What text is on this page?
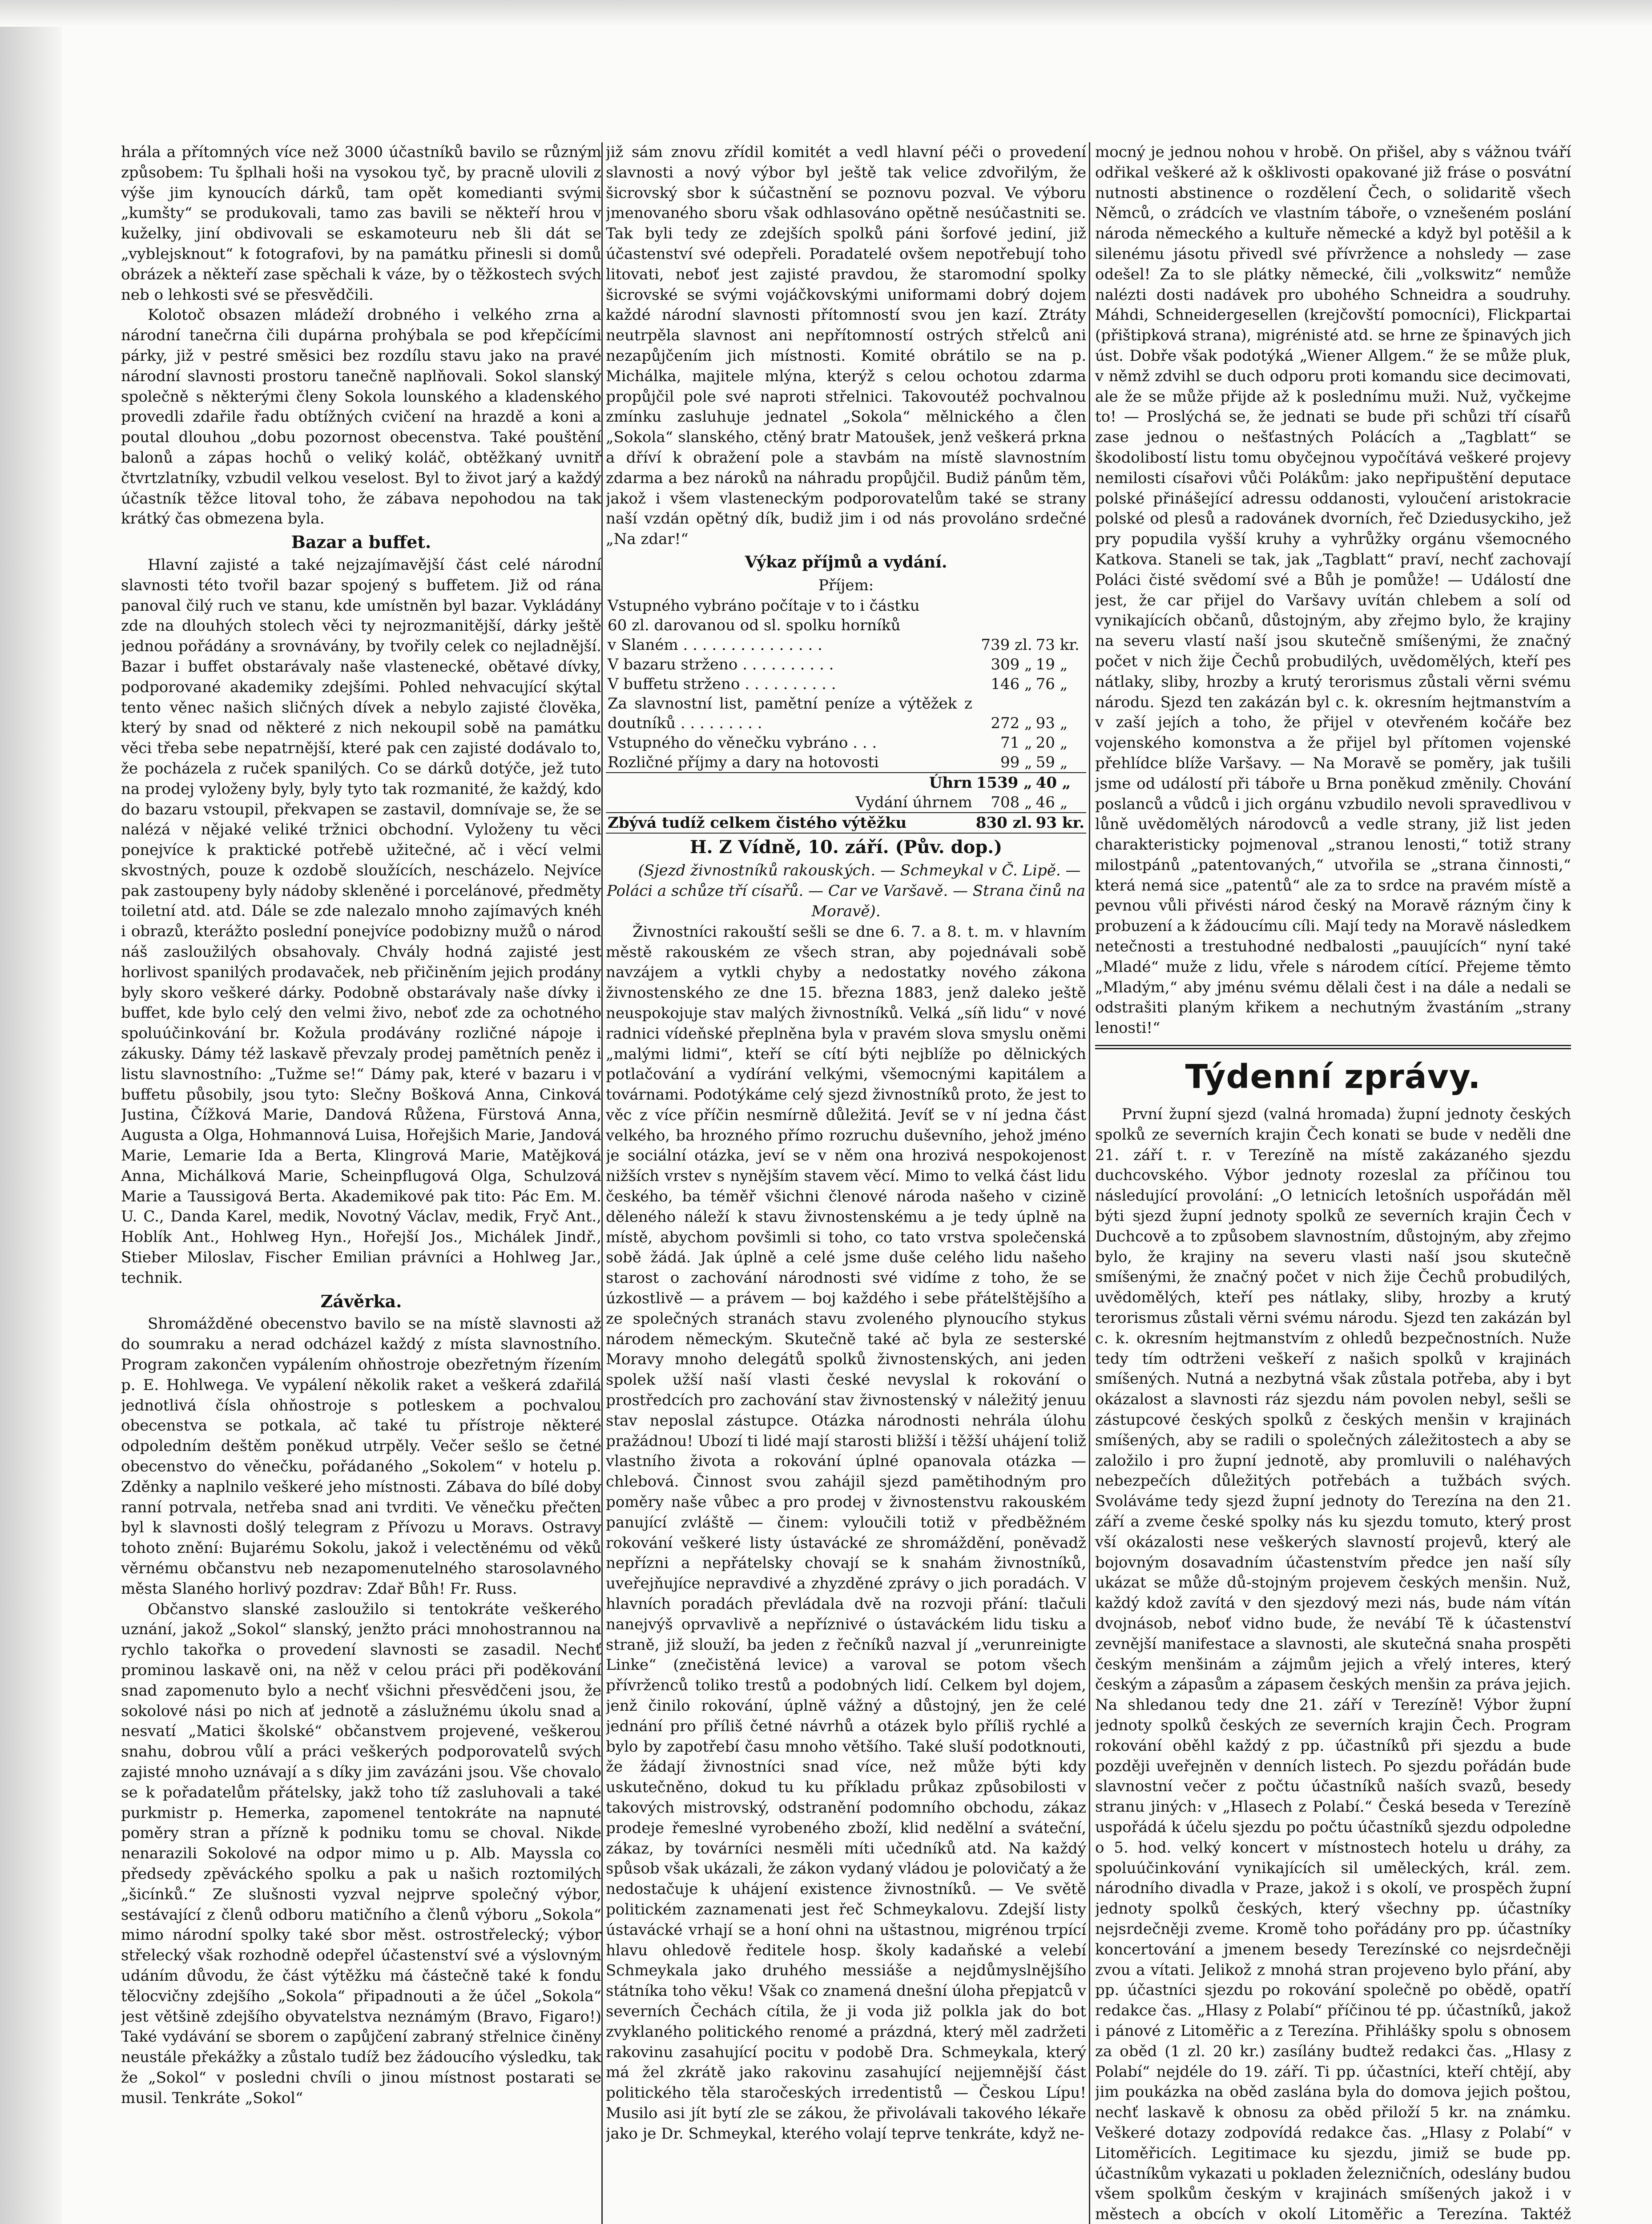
hrála a přítomných více než 3000 účastníků bavilo se různým způsobem: Tu šplhali hoši na vysokou tyč, by pracně ulovili z výše jim kynoucích dárků, tam opět komedianti svými „kumšty“ se produkovali, tamo zas bavili se někteří hrou v kuželky, jiní obdivovali se eskamoteuru neb šli dát se „vyblejsknout“ k fotografovi, by na památku přinesli si domů obrázek a někteří zase spěchali k váze, by o těžkostech svých neb o lehkosti své se přesvědčili.

Kolotoč obsazen mládeží drobného i velkého zrna a národní tanečrna čili dupárna prohýbala se pod křepčícími párky, již v pestré směsici bez rozdílu stavu jako na pravé národní slavnosti prostoru tanečně naplňovali. Sokol slanský společně s některými členy Sokola lounského a kladenského provedli zdařile řadu obtížných cvičení na hrazdě a koni a poutal dlouhou „dobu pozornost obecenstva. Také pouštění balonů a zápas hochů o veliký koláč, obtěžkaný uvnitř čtvrtzlatníky, vzbudil velkou veselost. Byl to život jarý a každý účastník těžce litoval toho, že zábava nepohodou na tak krátký čas obmezena byla.

Bazar a buffet.

Hlavní zajisté a také nejzajímavější část celé národní slavnosti této tvořil bazar spojený s buffetem. Již od rána panoval čilý ruch ve stanu, kde umístněn byl bazar. Vykládány zde na dlouhých stolech věci ty nejrozmanitější, dárky ještě jednou pořádány a srovnávány, by tvořily celek co nejladnější. Bazar i buffet obstarávaly naše vlastenecké, obětavé dívky, podporované akademiky zdejšími. Pohled nehvacující skýtal tento věnec našich sličných dívek a nebylo zajisté člověka, který by snad od některé z nich nekoupil sobě na památku věci třeba sebe nepatrnější, které pak cen zajisté dodávalo to, že pocházela z ruček spanilých. Co se dárků dotýče, jež tuto na prodej vyloženy byly, byly tyto tak rozmanité, že každý, kdo do bazaru vstoupil, překvapen se zastavil, domnívaje se, že se nalézá v nějaké veliké tržnici obchodní. Vyloženy tu věci ponejvíce k praktické potřebě užitečné, ač i věcí velmi skvostných, pouze k ozdobě sloužících, nescházelo. Nejvíce pak zastoupeny byly nádoby skleněné i porcelánové, předměty toiletní atd. atd. Dále se zde nalezalo mnoho zajímavých knéh i obrazů, kterážto poslední ponejvíce podobizny mužů o národ náš zasloužilých obsahovaly. Chvály hodná zajisté jest horlivost spanilých prodavaček, neb přičiněním jejich prodány byly skoro veškeré dárky. Podobně obstarávaly naše dívky i buffet, kde bylo celý den velmi živo, neboť zde za ochotného spoluúčinkování br. Kožula prodávány rozličné nápoje i zákusky. Dámy též laskavě převzaly prodej pamětních peněz i listu slavnostního: „Tužme se!“ Dámy pak, které v bazaru i v buffetu působily, jsou tyto: Slečny Bošková Anna, Cinková Justina, Čížková Marie, Dandová Růžena, Fürstová Anna, Augusta a Olga, Hohmannová Luisa, Hořejšich Marie, Jandová Marie, Lemarie Ida a Berta, Klingrová Marie, Matějková Anna, Michálková Marie, Scheinpflugová Olga, Schulzová Marie a Taussigová Berta. Akademikové pak tito: Pác Em. M. U. C., Danda Karel, medik, Novotný Václav, medik, Fryč Ant., Hoblík Ant., Hohlweg Hyn., Hořejší Jos., Michálek Jindř., Stieber Miloslav, Fischer Emilian právníci a Hohlweg Jar., technik.

Závěrka.

Shromážděné obecenstvo bavilo se na místě slavnosti až do soumraku a nerad odcházel každý z místa slavnostního. Program zakončen vypálením ohňostroje obezřetným řízením p. E. Hohlwega. Ve vypálení několik raket a veškerá zdařilá jednotlivá čísla ohňostroje s potleskem a pochvalou obecenstva se potkala, ač také tu přístroje některé odpoledním deštěm poněkud utrpěly. Večer sešlo se četné obecenstvo do věnečku, pořádaného „Sokolem“ v hotelu p. Zděnky a naplnilo veškeré jeho místnosti. Zábava do bílé doby ranní potrvala, netřeba snad ani tvrditi. Ve věnečku přečten byl k slavnosti došlý telegram z Přívozu u Moravs. Ostravy tohoto znění: Bujarému Sokolu, jakož i velectěnému od věků věrnému občanstvu neb nezapomenutelného starosolavného města Slaného horlivý pozdrav: Zdař Bůh! Fr. Russ.

Občanstvo slanské zasloužilo si tentokráte veškerého uznání, jakož „Sokol“ slanský, jenžto práci mnohostrannou na rychlo takořka o provedení slavnosti se zasadil. Nechť prominou laskavě oni, na něž v celou práci při poděkování snad zapomenuto bylo a nechť všichni přesvědčeni jsou, že sokolové nási po nich ať jednotě a záslužnému úkolu snad a nesvatí „Matici školské“ občanstvem projevené, veškerou snahu, dobrou vůlí a práci veškerých podporovatelů svých zajisté mnoho uznávají a s díky jim zavázáni jsou. Vše chovalo se k pořadatelům přátelsky, jakž toho tíž zasluhovali a také purkmistr p. Hemerka, zapomenel tentokráte na napnuté poměry stran a přízně k podniku tomu se choval. Nikde nenarazili Sokolové na odpor mimo u p. Alb. Mayssla co předsedy zpěváckého spolku a pak u našich roztomilých „šicínků.“ Ze slušnosti vyzval nejprve společný výbor, sestávající z členů odboru matičního a členů výboru „Sokola“ mimo národní spolky také sbor měst. ostrostřelecký; výbor střelecký však rozhodně odepřel účastenství své a výslovným udáním důvodu, že část výtěžku má částečně také k fondu tělocvičny zdejšího „Sokola“ připadnouti a že účel „Sokola“ jest většině zdejšího obyvatelstva neznámým (Bravo, Figaro!) Také vydávání se sborem o zapůjčení zabraný střelnice činěny neustále překážky a zůstalo tudíž bez žádoucího výsledku, tak že „Sokol“ v posledni chvíli o jinou místnost postarati se musil. Tenkráte „Sokol“

již sám znovu zřídil komitét a vedl hlavní péči o provedení slavnosti a nový výbor byl ještě tak velice zdvořilým, že šicrovský sbor k súčastnění se poznovu pozval. Ve výboru jmenovaného sboru však odhlasováno opětně nesúčastniti se. Tak byli tedy ze zdejších spolků páni šorfové jediní, již účastenství své odepřeli. Poradatelé ovšem nepotřebují toho litovati, neboť jest zajisté pravdou, že staromodní spolky šicrovské se svými vojáčkovskými uniformami dobrý dojem každé národní slavnosti přítomností svou jen kazí. Ztráty neutrpěla slavnost ani nepřítomností ostrých střelců ani nezapůjčením jich místnosti. Komité obrátilo se na p. Michálka, majitele mlýna, kterýž s celou ochotou zdarma propůjčil pole své naproti střelnici. Takovoutéž pochvalnou zmínku zasluhuje jednatel „Sokola“ mělnického a člen „Sokola“ slanského, ctěný bratr Matoušek, jenž veškerá prkna a dříví k obražení pole a stavbám na místě slavnostním zdarma a bez nároků na náhradu propůjčil. Budiž pánům těm, jakož i všem vlasteneckým podporovatelům také se strany naší vzdán opětný dík, budiž jim i od nás provoláno srdečné „Na zdar!“

Výkaz příjmů a vydání.
Příjem:
Vstupného vybráno počítaje v to i částku		
60 zl. darovanou od sl. spolku horníků		
v Slaném . . . . . . . . . . . . . . .	739 zl.	73 kr.
V bazaru strženo . . . . . . . . . .	309 „	19 „
V buffetu strženo . . . . . . . . . .	146 „	76 „
Za slavnostní list, pamětní peníze a výtěžek z doutníků . . . . . . . . .	272 „	93 „
Vstupného do věnečku vybráno . . .	71 „	20 „
Rozličné příjmy a dary na hotovosti	99 „	59 „
Úhrn	1539 „	40 „
Vydání úhrnem	708 „	46 „
Zbývá tudíž celkem čistého výtěžku	830 zl.	93 kr.
H. Z Vídně, 10. září. (Pův. dop.)

(Sjezd živnostníků rakouských. — Schmeykal v Č. Lipě. — Poláci a schůze tří císařů. — Car ve Varšavě. — Strana činů na Moravě).

Živnostníci rakouští sešli se dne 6. 7. a 8. t. m. v hlavním městě rakouském ze všech stran, aby pojednávali sobě navzájem a vytkli chyby a nedostatky nového zákona živnostenského ze dne 15. března 1883, jenž daleko ještě neuspokojuje stav malých živnostníků. Velká „síň lidu“ v nové radnici vídeňské přeplněna byla v pravém slova smyslu oněmi „malými lidmi“, kteří se cítí býti nejblíže po dělnických potlačování a vydírání velkými, všemocnými kapitálem a továrnami. Podotýkáme celý sjezd živnostníků proto, že jest to věc z více příčin nesmírně důležitá. Jevíť se v ní jedna část velkého, ba hrozného přímo rozruchu duševního, jehož jméno je sociální otázka, jeví se v něm ona hrozivá nespokojenost nižších vrstev s nynějším stavem věcí. Mimo to velká část lidu českého, ba téměř všichni členové národa našeho v cizině děleného náleží k stavu živnostenskému a je tedy úplně na místě, abychom povšimli si toho, co tato vrstva společenská sobě žádá. Jak úplně a celé jsme duše celého lidu našeho starost o zachování národnosti své vidíme z toho, že se úzkostlivě — a právem — boj každého i sebe přátelštějšího a ze společných stranách stavu zvoleného plynoucího stykus národem německým. Skutečně také ač byla ze sesterské Moravy mnoho delegátů spolků živnostenských, ani jeden spolek užší naší vlasti české nevyslal k rokování o prostředcích pro zachování stav živnostenský v náležitý jenuu stav neposlal zástupce. Otázka národnosti nehrála úlohu pražádnou! Ubozí ti lidé mají starosti bližší i těžší uhájení toliž vlastního života a rokování úplné opanovala otázka — chlebová. Činnost svou zahájil sjezd pamětihodným pro poměry naše vůbec a pro prodej v živnostenstvu rakouském panující zvláště — činem: vyloučili totiž v předběžném rokování veškeré listy ústavácké ze shromáždění, poněvadž nepřízni a nepřátelsky chovají se k snahám živnostníků, uveřejňujíce nepravdivé a zhyzděné zprávy o jich poradách. V hlavních poradách převládala dvě na rozvoji přání: tlačuli nanejvýš oprvavlivě a nepříznivé o ústaváckém lidu tisku a straně, již slouží, ba jeden z řečníků nazval jí „verunreinigte Linke“ (znečistěná levice) a varoval se potom všech přívrženců toliko trestů a podobných lidí. Celkem byl dojem, jenž činilo rokování, úplně vážný a důstojný, jen že celé jednání pro příliš četné návrhů a otázek bylo příliš rychlé a bylo by zapotřebí času mnoho většího. Také sluší podotknouti, že žádají živnostníci snad více, než může býti kdy uskutečněno, dokud tu ku příkladu průkaz způsobilosti v takových mistrovský, odstranění podomního obchodu, zákaz prodeje řemeslné vyrobeného zboží, klid nedělní a sváteční, zákaz, by továrníci nesměli míti učedníků atd. Na každý spůsob však ukázali, že zákon vydaný vládou je polovičatý a že nedostačuje k uhájení existence živnostníků. — Ve světě politickém zaznamenati jest řeč Schmeykalovu. Zdejší listy ústavácké vrhají se a honí ohni na uštastnou, migrénou trpící hlavu ohledově ředitele hosp. školy kadaňské a velebí Schmeykala jako druhého messiáše a nejdůmyslnějšího státníka toho věku! Však co znamená dnešní úloha přepjatců v severních Čechách cítila, že ji voda již polkla jak do bot zvyklaného politického renomé a prázdná, který měl zadržeti rakovinu zasahující pocitu v podobě Dra. Schmeykala, který má žel zkrátě jako rakovinu zasahující nejjemnější část politického těla staročeských irredentistů — Českou Lípu! Musilo asi jít bytí zle se zákou, že přivolávali takového lékaře jako je Dr. Schmeykal, kterého volají teprve tenkráte, když ne-

mocný je jednou nohou v hrobě. On přišel, aby s vážnou tváří odřikal veškeré až k ošklivosti opakované již fráse o posvátní nutnosti abstinence o rozdělení Čech, o solidaritě všech Němců, o zrádcích ve vlastním táboře, o vznešeném poslání národa německého a kultuře německé a když byl potěšil a k silenému jásotu přivedl své přívržence a nohsledy — zase odešel! Za to sle plátky německé, čili „volkswitz“ nemůže nalézti dosti nadávek pro ubohého Schneidra a soudruhy. Máhdi, Schneidergesellen (krejčovští pomocníci), Flickpartai (přištipková strana), migrénisté atd. se hrne ze špinavých jich úst. Dobře však podotýká „Wiener Allgem.“ že se může pluk, v němž zdvihl se duch odporu proti komandu sice decimovati, ale že se může přijde až k poslednímu muži. Nuž, vyčkejme to! — Proslýchá se, že jednati se bude při schůzi tří císařů zase jednou o nešťastných Polácích a „Tagblatt“ se škodolibostí listu tomu obyčejnou vypočítává veškeré projevy nemilosti císařovi vůči Polákům: jako nepřipuštění deputace polské přinášející adressu oddanosti, vyloučení aristokracie polské od plesů a radovánek dvorních, řeč Dziedusyckiho, jež pry popudila vyšší kruhy a vyhrůžky orgánu všemocného Katkova. Staneli se tak, jak „Tagblatt“ praví, nechť zachovají Poláci čisté svědomí své a Bůh je pomůže! — Událostí dne jest, že car přijel do Varšavy uvítán chlebem a solí od vynikajících občanů, důstojným, aby zřejmo bylo, že krajiny na severu vlastí naší jsou skutečně smíšenými, že značný počet v nich žije Čechů probudilých, uvědomělých, kteří pes nátlaky, sliby, hrozby a krutý terorismus zůstali věrni svému národu. Sjezd ten zakázán byl c. k. okresním hejtmanstvím a v zaší jejích a toho, že přijel v otevřeném kočáře bez vojenského komonstva a že přijel byl přítomen vojenské přehlídce blíže Varšavy. — Na Moravě se poměry, jak tušili jsme od událostí při táboře u Brna poněkud změnily. Chování poslanců a vůdců i jich orgánu vzbudilo nevoli spravedlivou v lůně uvědomělých národovců a vedle strany, již list jeden charakteristicky pojmenoval „stranou lenosti,“ totiž strany milostpánů „patentovaných,“ utvořila se „strana činnosti,“ která nemá sice „patentů“ ale za to srdce na pravém místě a pevnou vůli přivésti národ český na Moravě rázným činy k probuzení a k žádoucímu cíli. Mají tedy na Moravě následkem netečnosti a trestuhodné nedbalosti „pauujících“ nyní také „Mladé“ muže z lidu, vřele s národem cítící. Přejeme těmto „Mladým,“ aby jménu svému dělali čest i na dále a nedali se odstrašiti planým křikem a nechutným žvastáním „strany lenosti!“

Týdenní zprávy.

První župní sjezd (valná hromada) župní jednoty českých spolků ze severních krajin Čech konati se bude v neděli dne 21. září t. r. v Terezíně na místě zakázaného sjezdu duchcovského. Výbor jednoty rozeslal za příčinou tou následující provolání: „O letnicích letošních uspořádán měl býti sjezd župní jednoty spolků ze severních krajin Čech v Duchcově a to způsobem slavnostním, důstojným, aby zřejmo bylo, že krajiny na severu vlasti naší jsou skutečně smíšenými, že značný počet v nich žije Čechů probudilých, uvědomělých, kteří pes nátlaky, sliby, hrozby a krutý terorismus zůstali věrni svému národu. Sjezd ten zakázán byl c. k. okresním hejtmanstvím z ohledů bezpečnostních. Nuže tedy tím odtrženi veškeří z našich spolků v krajinách smíšených. Nutná a nezbytná však zůstala potřeba, aby i byt okázalost a slavnosti ráz sjezdu nám povolen nebyl, sešli se zástupcové českých spolků z českých menšin v krajinách smíšených, aby se radili o společných záležitostech a aby se založilo i pro župní jednotě, aby promluvili o naléhavých nebezpečích důležitých potřebách a tužbách svých. Svoláváme tedy sjezd župní jednoty do Terezína na den 21. září a zveme české spolky nás ku sjezdu tomuto, který prost vší okázalosti nese veškerých slavností projevů, který ale bojovným dosavadním účastenstvím předce jen naší síly ukázat se může dů-stojným projevem českých menšin. Nuž, každý kdož zavítá v den sjezdový mezi nás, bude nám vítán dvojnásob, neboť vidno bude, že nevábí Tě k účastenství zevnější manifestace a slavnosti, ale skutečná snaha prospěti českým menšinám a zájmům jejich a vřelý interes, který českým a zápasům a zápasem českých menšin za práva jejich. Na shledanou tedy dne 21. září v Terezíně! Výbor župní jednoty spolků českých ze severních krajin Čech. Program rokování oběhl každý z pp. účastníků při sjezdu a bude později uveřejněn v denních listech. Po sjezdu pořádán bude slavnostní večer z počtu účastníků naších svazů, besedy stranu jiných: v „Hlasech z Polabí.“ Česká beseda v Terezíně uspořádá k účelu sjezdu po počtu účastníků sjezdu odpoledne o 5. hod. velký koncert v místnostech hotelu u dráhy, za spoluúčinkování vynikajících sil uměleckých, král. zem. národního divadla v Praze, jakož i s okolí, ve prospěch župní jednoty spolků českých, který všechny pp. účastníky nejsrdečněji zveme. Kromě toho pořádány pro pp. účastníky koncertování a jmenem besedy Terezínské co nejsrdečněji zvou a vítati. Jelikož z mnohá stran projeveno bylo přání, aby pp. účastníci sjezdu po rokování společně po obědě, opatří redakce čas. „Hlasy z Polabí“ příčinou té pp. účastníků, jakož i pánové z Litoměřic a z Terezína. Přihlášky spolu s obnosem za oběd (1 zl. 20 kr.) zasílány budtež redakci čas. „Hlasy z Polabí“ nejdéle do 19. září. Ti pp. účastníci, kteří chtějí, aby jim poukázka na oběd zaslána byla do domova jejich poštou, nechť laskavě k obnosu za oběd přiloží 5 kr. na známku. Veškeré dotazy zodpovídá redakce čas. „Hlasy z Polabí“ v Litoměřicích. Legitimace ku sjezdu, jimiž se bude pp. účastníkům vykazati u pokladen železničních, odeslány budou všem spolkům českým v krajinách smíšených jakož i v městech a obcích v okolí Litoměřic a Terezína. Taktéž
